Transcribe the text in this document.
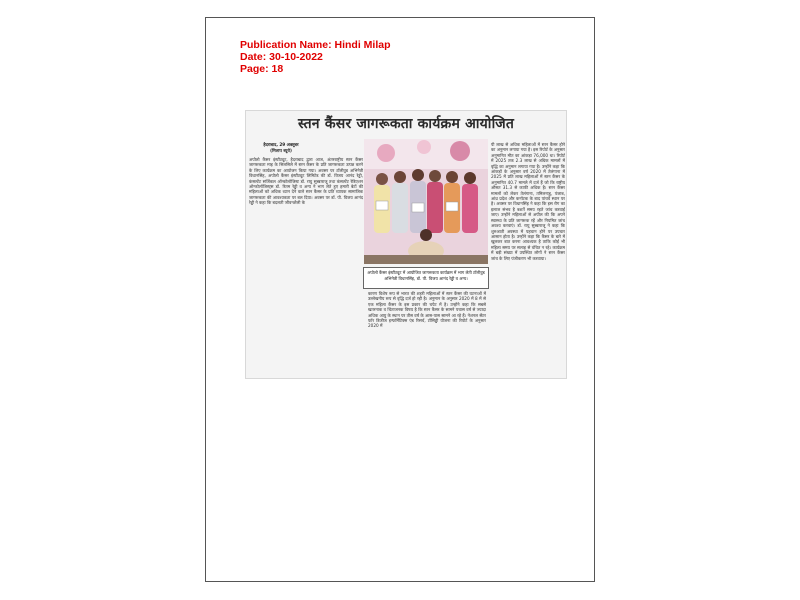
Publication Name: Hindi Milap
Date: 30-10-2022
Page: 18
स्तन कैंसर जागरूकता कार्यक्रम आयोजित
हैदराबाद, 29 अक्तूबर
(मिलाप ब्यूरो)
अपोलो कैंसर इंस्टीट्यूट, हैदराबाद द्वारा आज, अंतरराष्ट्रीय स्तन कैंसर जागरूकता माह के सिलसिले में स्तन कैंसर के प्रति जागरूकता उत्पन्न करने के लिए कार्यक्रम का आयोजन किया गया। अवसर पर टॉलीवुड अभिनेत्री विधानसिंह, अपोलो कैंसर इंस्टीट्यूट लिमिटेड की डॉ. विजय आनंद रेड्डी, कंसल्टेंट सर्जिकल ऑन्कोलॉजिस्ट डॉ. राघु सुब्बाराजू तथा कंसल्टेंट रेडिएशन ऑन्कोलॉजिस्ट्स डॉ. रितम रेड्डी व अन्य ने भाग लेते हुए हमारी बेटों की महिलाओं को अधिक ध्यान देने वाले स्तन कैंसर के प्रति व्यापक सामाजिक जागरूकता की आवश्यकता पर बल दिया। अवसर पर डॉ. पी. विजय आनंद रेड्डी ने कहा कि बदलती जीवनशैली के
अपोलो कैंसर इंस्टीट्यूट में आयोजित जागरूकता कार्यक्रम में भाग लेती टॉलीवुड अभिनेत्री विधानसिंह, डॉ. पी. विजय आनंद रेड्डी व अन्य।
कारण विशेष रूप से भारत की शहरी महिलाओं में स्तन कैंसर की घटनाओं में उल्लेखनीय रूप से वृद्धि दर्ज हो रही है। अनुमान के अनुसार 2020 में 8 में से एक महिला कैंसर के इस प्रकार की चपेट में है। उन्होंने कहा कि सबसे खतरनाक व चिंताजनक विषय है कि स्तन कैंसर के सामने पचास वर्ष से ज्यादा अधिक आयु के स्थान पर तीस वर्ष के आस-पास सामने आ रहे हैं। नेशनल सेंटर फॉर डिजीज इन्फॉर्मेटिक्स एंड रिसर्च, टॉसिड्डी योजना की रिपोर्ट के अनुसार 2020 में
पी लाख से अधिक महिलाओं में स्तन कैंसर होने का अनुमान लगाया गया है। इस रिपोर्ट के अनुसार अनुमानित मौत का आंकड़ा 76,000 था। रिपोर्ट में 2025 तक 2.3 लाख से अधिक मामलों में वृद्धि का अनुमान लगाया गया है। उन्होंने कहा कि आंकड़ों के अनुसार वर्ष 2020 में तेलंगाना में 2025 में प्रति लाख महिलाओं में स्तन कैंसर के अनुमानित 40.7 मामले में दर्ज हैं जो कि राष्ट्रीय औसत 31.3 से काफी अधिक है। स्तन कैंसर मामलों को लेकर तेलंगाना, तमिलनाडु, पंजाब, आंध्र प्रदेश और कर्नाटक के बाद पांचवें स्थान पर है। अवसर पर विधानसिंह ने कहा कि इस रोग का इलाज संभव है बशर्ते समय रहते जांच करवाई जाए। उन्होंने महिलाओं से अपील की कि अपने स्वास्थ्य के प्रति जागरूक रहें और नियमित जांच अवश्य करवाएं। डॉ. राघु सुब्बाराजू ने कहा कि शुरुआती अवस्था में पहचान होने पर उपचार आसान होता है। उन्होंने कहा कि कैंसर के बारे में खुलकर बात करना आवश्यक है ताकि कोई भी महिला समय पर सलाह से वंचित न रहे। कार्यक्रम में बड़ी संख्या में उपस्थित लोगों ने स्तन कैंसर जांच के लिए पंजीकरण भी करवाया।
